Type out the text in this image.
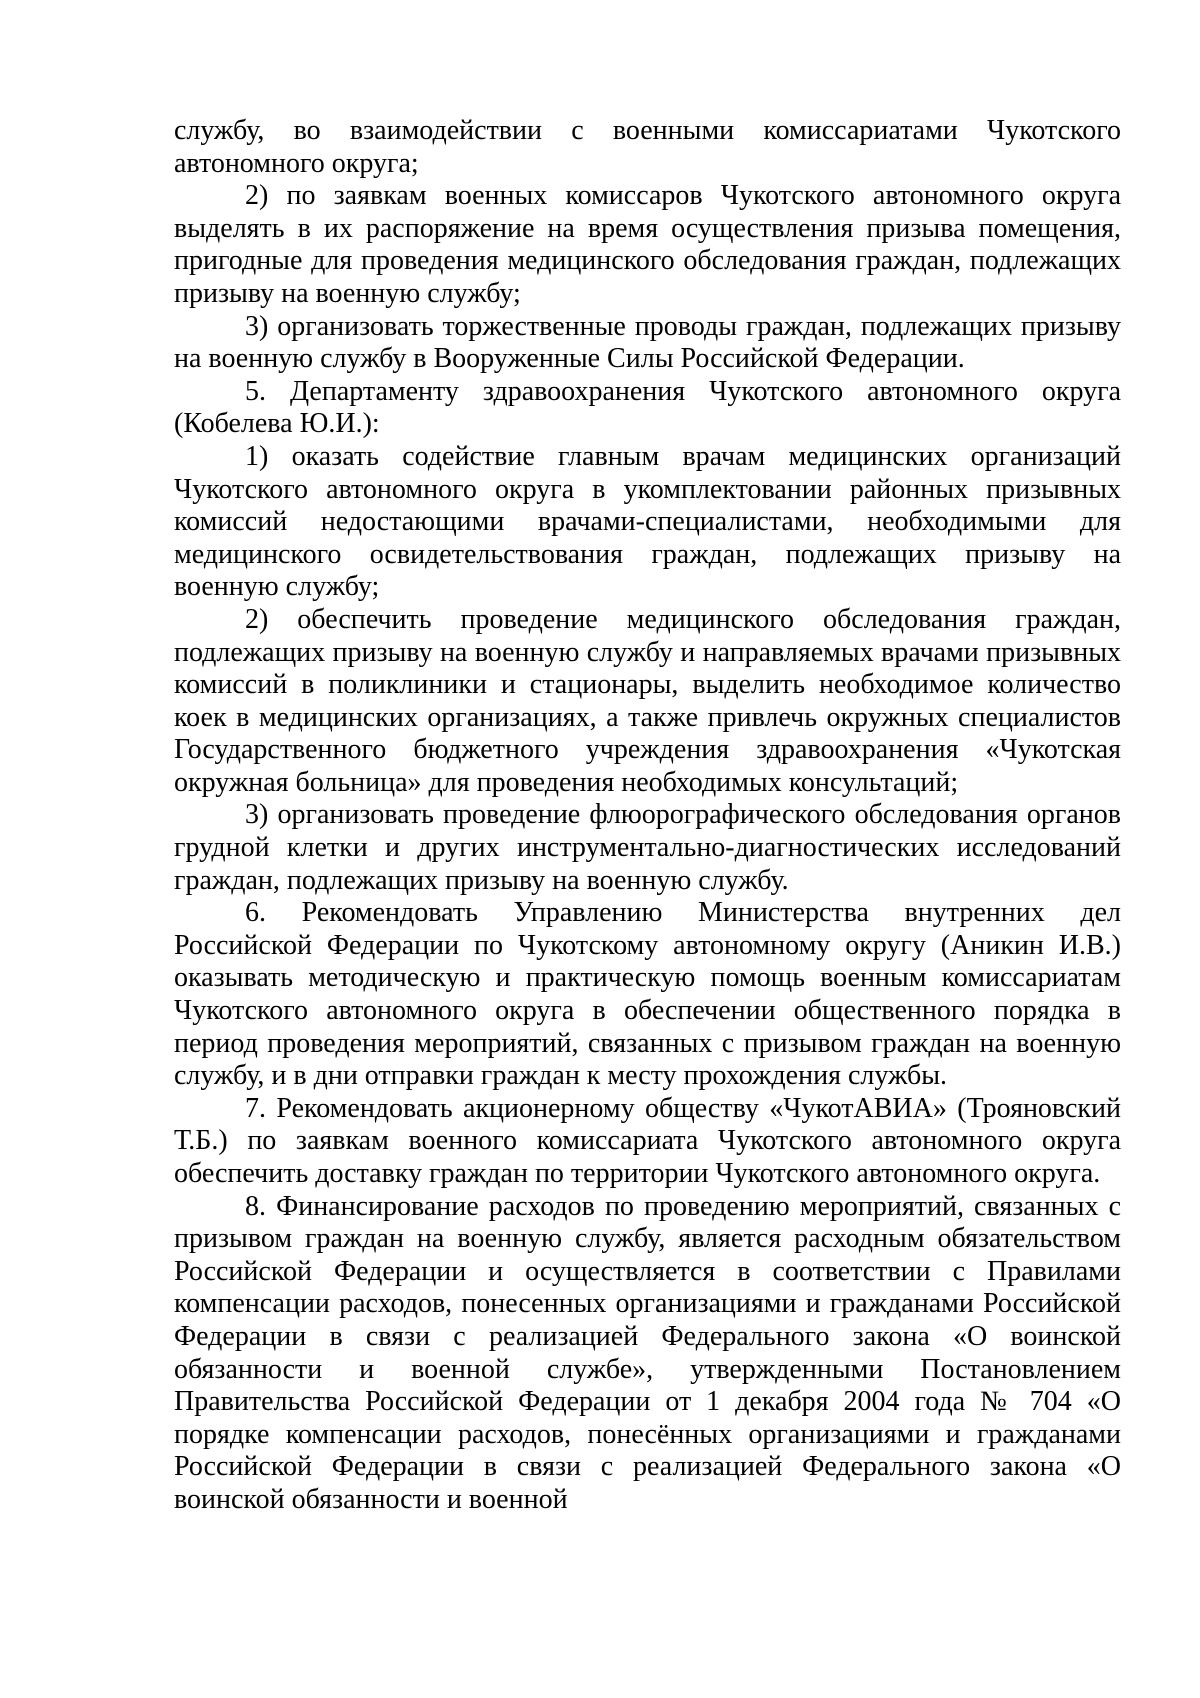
службу, во взаимодействии с военными комиссариатами Чукотского автономного округа;

2) по заявкам военных комиссаров Чукотского автономного округа выделять в их распоряжение на время осуществления призыва помещения, пригодные для проведения медицинского обследования граждан, подлежащих призыву на военную службу;

3) организовать торжественные проводы граждан, подлежащих призыву на военную службу в Вооруженные Силы Российской Федерации.

5. Департаменту здравоохранения Чукотского автономного округа (Кобелева Ю.И.):

1) оказать содействие главным врачам медицинских организаций Чукотского автономного округа в укомплектовании районных призывных комиссий недостающими врачами-специалистами, необходимыми для медицинского освидетельствования граждан, подлежащих призыву на военную службу;

2) обеспечить проведение медицинского обследования граждан, подлежащих призыву на военную службу и направляемых врачами призывных комиссий в поликлиники и стационары, выделить необходимое количество коек в медицинских организациях, а также привлечь окружных специалистов Государственного бюджетного учреждения здравоохранения «Чукотская окружная больница» для проведения необходимых консультаций;

3) организовать проведение флюорографического обследования органов грудной клетки и других инструментально-диагностических исследований граждан, подлежащих призыву на военную службу.

6. Рекомендовать Управлению Министерства внутренних дел Российской Федерации по Чукотскому автономному округу (Аникин И.В.) оказывать методическую и практическую помощь военным комиссариатам Чукотского автономного округа в обеспечении общественного порядка в период проведения мероприятий, связанных с призывом граждан на военную службу, и в дни отправки граждан к месту прохождения службы.

7. Рекомендовать акционерному обществу «ЧукотАВИА» (Трояновский Т.Б.) по заявкам военного комиссариата Чукотского автономного округа обеспечить доставку граждан по территории Чукотского автономного округа.

8. Финансирование расходов по проведению мероприятий, связанных с призывом граждан на военную службу, является расходным обязательством Российской Федерации и осуществляется в соответствии с Правилами компенсации расходов, понесенных организациями и гражданами Российской Федерации в связи с реализацией Федерального закона «О воинской обязанности и военной службе», утвержденными Постановлением Правительства Российской Федерации от 1 декабря 2004 года № 704 «О порядке компенсации расходов, понесённых организациями и гражданами Российской Федерации в связи с реализацией Федерального закона «О воинской обязанности и военной
